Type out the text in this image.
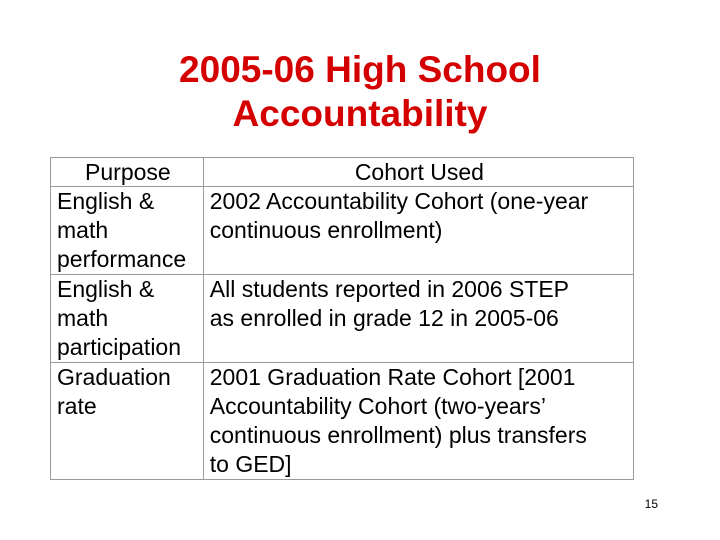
2005-06 High School
Accountability
Purpose	Cohort Used

English &
math
performance	2002 Accountability Cohort (one-year
continuous enrollment)

English &
math
participation	All students reported in 2006 STEP
as enrolled in grade 12 in 2005-06

Graduation
rate	2001 Graduation Rate Cohort [2001
Accountability Cohort (two-years’
continuous enrollment) plus transfers
to GED]
15
